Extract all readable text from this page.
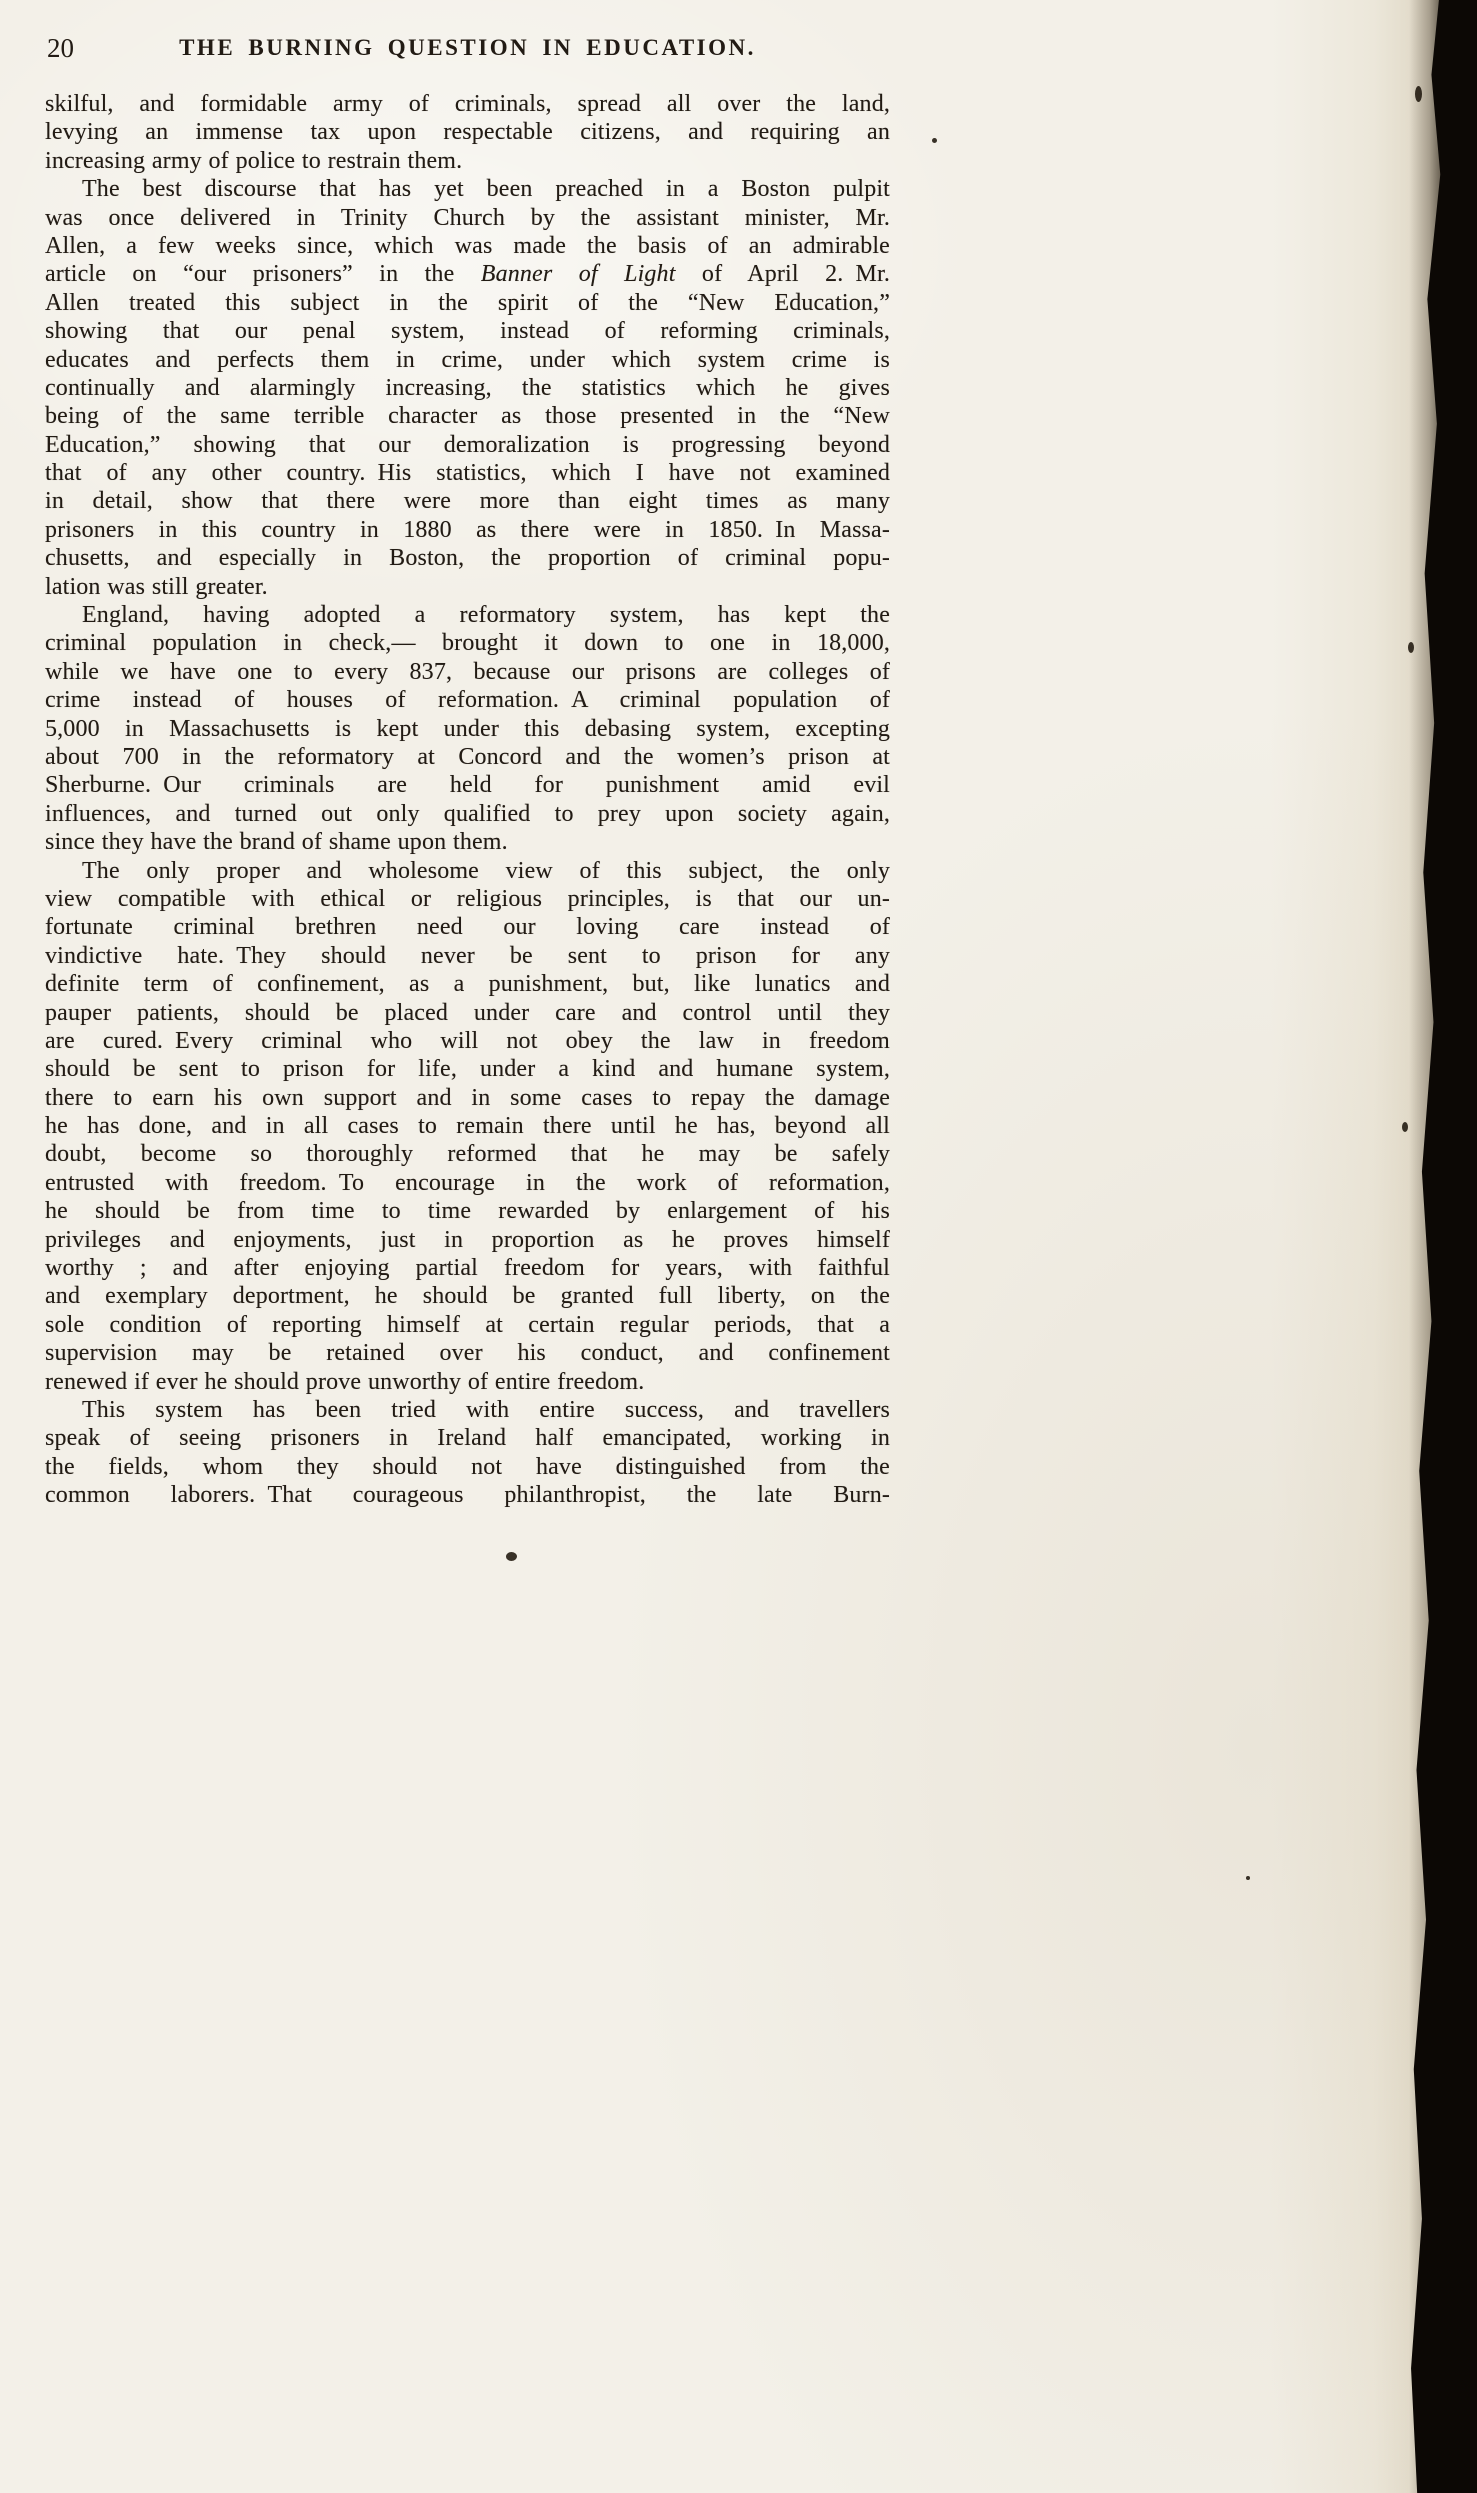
20	THE BURNING QUESTION IN EDUCATION.
skilful, and formidable army of criminals, spread all over the land,
levying an immense tax upon respectable citizens, and requiring an
increasing army of police to restrain them.
The best discourse that has yet been preached in a Boston pulpit
was once delivered in Trinity Church by the assistant minister, Mr.
Allen, a few weeks since, which was made the basis of an admirable
article on “our prisoners” in the Banner of Light of April 2. Mr.
Allen treated this subject in the spirit of the “New Education,”
showing that our penal system, instead of reforming criminals,
educates and perfects them in crime, under which system crime is
continually and alarmingly increasing, the statistics which he gives
being of the same terrible character as those presented in the “New
Education,” showing that our demoralization is progressing beyond
that of any other country. His statistics, which I have not examined
in detail, show that there were more than eight times as many
prisoners in this country in 1880 as there were in 1850. In Massa-
chusetts, and especially in Boston, the proportion of criminal popu-
lation was still greater.
England, having adopted a reformatory system, has kept the
criminal population in check,— brought it down to one in 18,000,
while we have one to every 837, because our prisons are colleges of
crime instead of houses of reformation. A criminal population of
5,000 in Massachusetts is kept under this debasing system, excepting
about 700 in the reformatory at Concord and the women’s prison at
Sherburne. Our criminals are held for punishment amid evil
influences, and turned out only qualified to prey upon society again,
since they have the brand of shame upon them.
The only proper and wholesome view of this subject, the only
view compatible with ethical or religious principles, is that our un-
fortunate criminal brethren need our loving care instead of
vindictive hate. They should never be sent to prison for any
definite term of confinement, as a punishment, but, like lunatics and
pauper patients, should be placed under care and control until they
are cured. Every criminal who will not obey the law in freedom
should be sent to prison for life, under a kind and humane system,
there to earn his own support and in some cases to repay the damage
he has done, and in all cases to remain there until he has, beyond all
doubt, become so thoroughly reformed that he may be safely
entrusted with freedom. To encourage in the work of reformation,
he should be from time to time rewarded by enlargement of his
privileges and enjoyments, just in proportion as he proves himself
worthy ; and after enjoying partial freedom for years, with faithful
and exemplary deportment, he should be granted full liberty, on the
sole condition of reporting himself at certain regular periods, that a
supervision may be retained over his conduct, and confinement
renewed if ever he should prove unworthy of entire freedom.
This system has been tried with entire success, and travellers
speak of seeing prisoners in Ireland half emancipated, working in
the fields, whom they should not have distinguished from the
common laborers. That courageous philanthropist, the late Burn-
